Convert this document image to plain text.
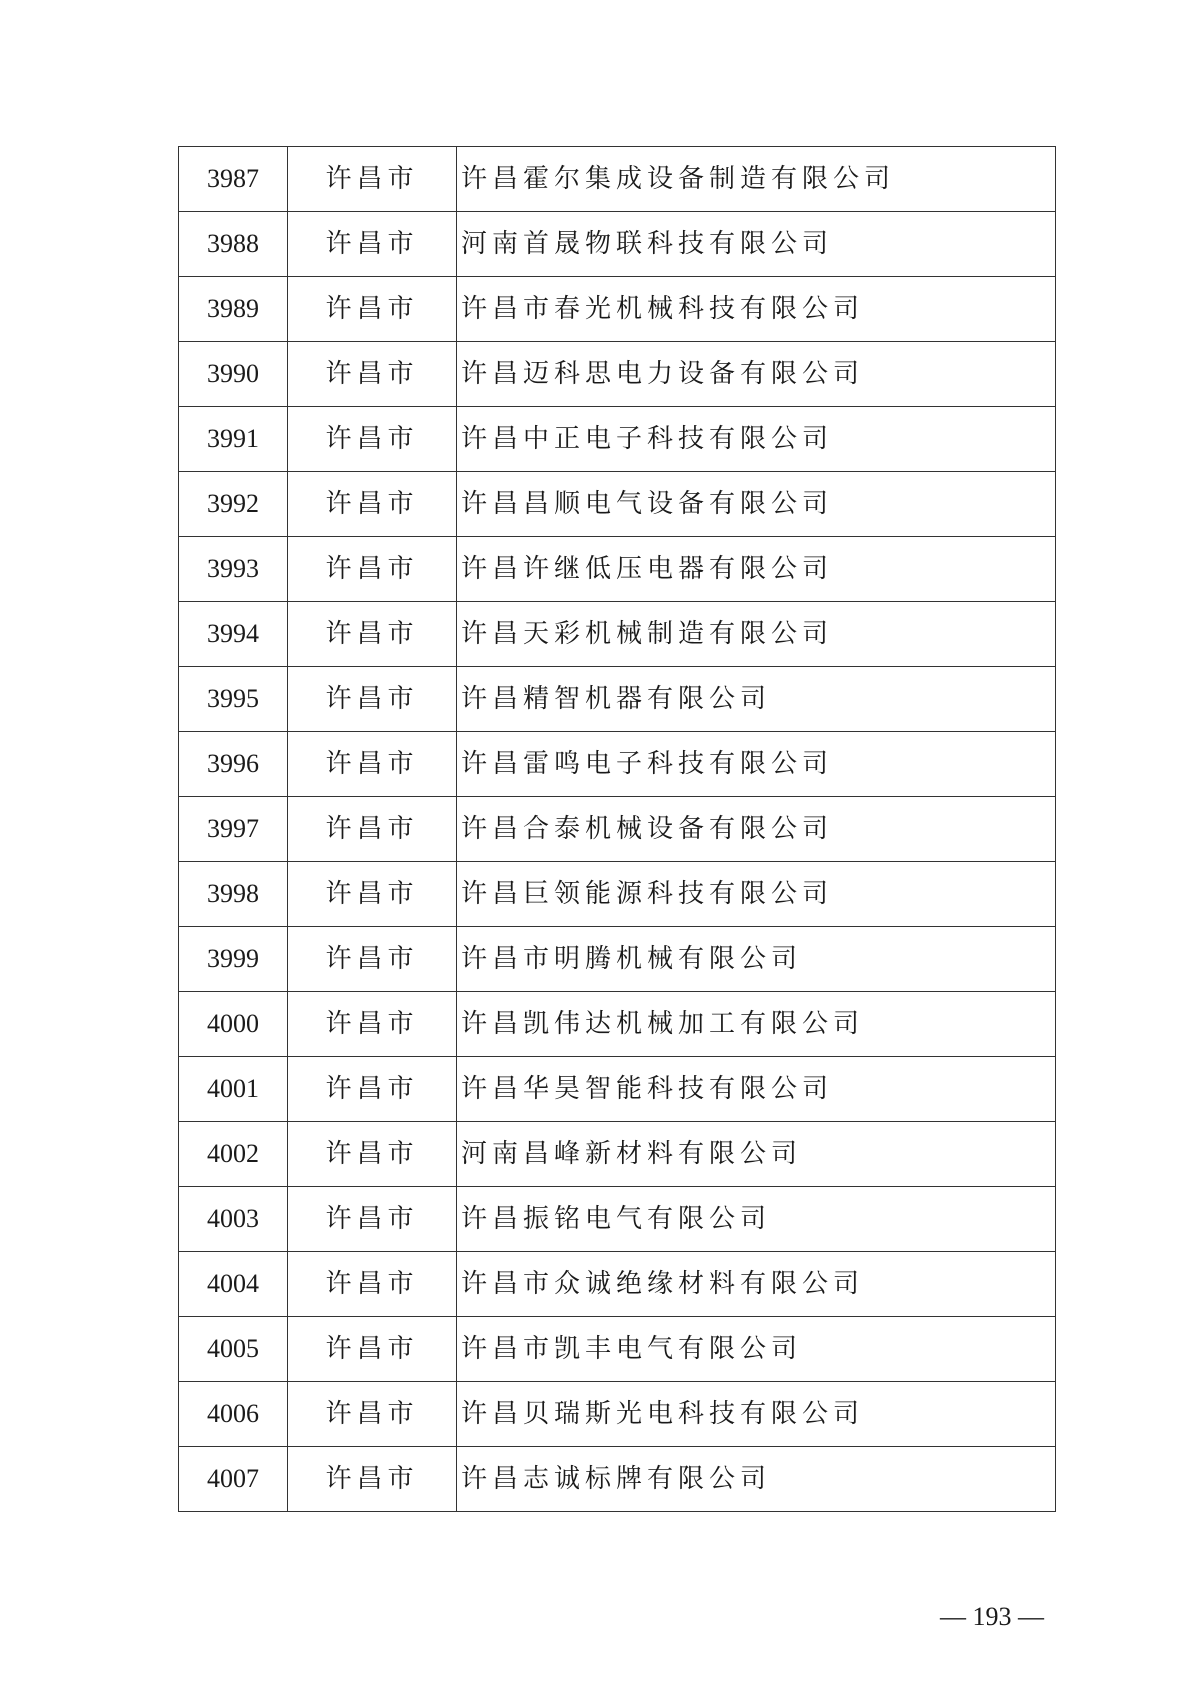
3987	许昌市	许昌霍尔集成设备制造有限公司
3988	许昌市	河南首晟物联科技有限公司
3989	许昌市	许昌市春光机械科技有限公司
3990	许昌市	许昌迈科思电力设备有限公司
3991	许昌市	许昌中正电子科技有限公司
3992	许昌市	许昌昌顺电气设备有限公司
3993	许昌市	许昌许继低压电器有限公司
3994	许昌市	许昌天彩机械制造有限公司
3995	许昌市	许昌精智机器有限公司
3996	许昌市	许昌雷鸣电子科技有限公司
3997	许昌市	许昌合泰机械设备有限公司
3998	许昌市	许昌巨领能源科技有限公司
3999	许昌市	许昌市明腾机械有限公司
4000	许昌市	许昌凯伟达机械加工有限公司
4001	许昌市	许昌华昊智能科技有限公司
4002	许昌市	河南昌峰新材料有限公司
4003	许昌市	许昌振铭电气有限公司
4004	许昌市	许昌市众诚绝缘材料有限公司
4005	许昌市	许昌市凯丰电气有限公司
4006	许昌市	许昌贝瑞斯光电科技有限公司
4007	许昌市	许昌志诚标牌有限公司
— 193 —
